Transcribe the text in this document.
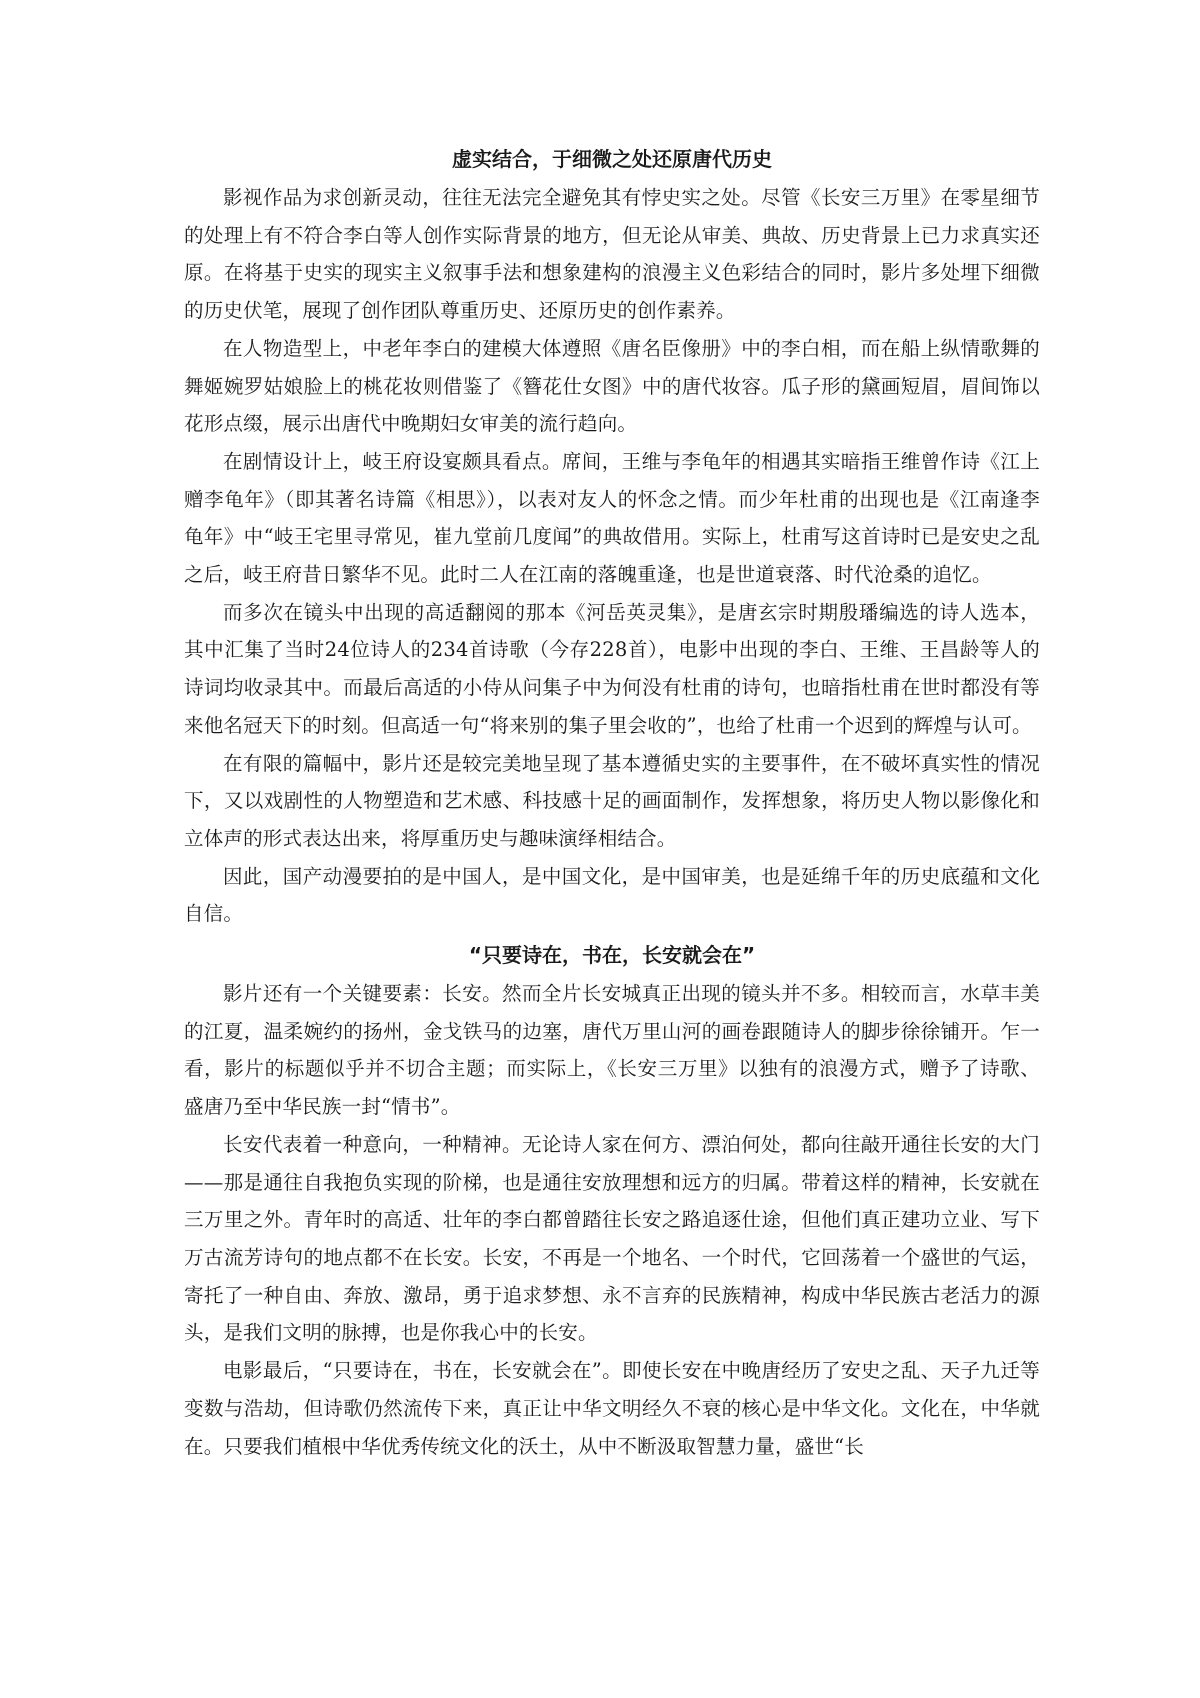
虚实结合，于细微之处还原唐代历史

影视作品为求创新灵动，往往无法完全避免其有悖史实之处。尽管《长安三万里》在零星细节的处理上有不符合李白等人创作实际背景的地方，但无论从审美、典故、历史背景上已力求真实还原。在将基于史实的现实主义叙事手法和想象建构的浪漫主义色彩结合的同时，影片多处埋下细微的历史伏笔，展现了创作团队尊重历史、还原历史的创作素养。

在人物造型上，中老年李白的建模大体遵照《唐名臣像册》中的李白相，而在船上纵情歌舞的舞姬婉罗姑娘脸上的桃花妆则借鉴了《簪花仕女图》中的唐代妆容。瓜子形的黛画短眉，眉间饰以花形点缀，展示出唐代中晚期妇女审美的流行趋向。

在剧情设计上，岐王府设宴颇具看点。席间，王维与李龟年的相遇其实暗指王维曾作诗《江上赠李龟年》（即其著名诗篇《相思》），以表对友人的怀念之情。而少年杜甫的出现也是《江南逢李龟年》中“岐王宅里寻常见，崔九堂前几度闻”的典故借用。实际上，杜甫写这首诗时已是安史之乱之后，岐王府昔日繁华不见。此时二人在江南的落魄重逢，也是世道衰落、时代沧桑的追忆。

而多次在镜头中出现的高适翻阅的那本《河岳英灵集》，是唐玄宗时期殷璠编选的诗人选本，其中汇集了当时24位诗人的234首诗歌（今存228首），电影中出现的李白、王维、王昌龄等人的诗词均收录其中。而最后高适的小侍从问集子中为何没有杜甫的诗句，也暗指杜甫在世时都没有等来他名冠天下的时刻。但高适一句“将来别的集子里会收的”，也给了杜甫一个迟到的辉煌与认可。

在有限的篇幅中，影片还是较完美地呈现了基本遵循史实的主要事件，在不破坏真实性的情况下，又以戏剧性的人物塑造和艺术感、科技感十足的画面制作，发挥想象，将历史人物以影像化和立体声的形式表达出来，将厚重历史与趣味演绎相结合。

因此，国产动漫要拍的是中国人，是中国文化，是中国审美，也是延绵千年的历史底蕴和文化自信。

“只要诗在，书在，长安就会在”

影片还有一个关键要素：长安。然而全片长安城真正出现的镜头并不多。相较而言，水草丰美的江夏，温柔婉约的扬州，金戈铁马的边塞，唐代万里山河的画卷跟随诗人的脚步徐徐铺开。乍一看，影片的标题似乎并不切合主题；而实际上，《长安三万里》以独有的浪漫方式，赠予了诗歌、盛唐乃至中华民族一封“情书”。

长安代表着一种意向，一种精神。无论诗人家在何方、漂泊何处，都向往敲开通往长安的大门——那是通往自我抱负实现的阶梯，也是通往安放理想和远方的归属。带着这样的精神，长安就在三万里之外。青年时的高适、壮年的李白都曾踏往长安之路追逐仕途，但他们真正建功立业、写下万古流芳诗句的地点都不在长安。长安，不再是一个地名、一个时代，它回荡着一个盛世的气运，寄托了一种自由、奔放、激昂，勇于追求梦想、永不言弃的民族精神，构成中华民族古老活力的源头，是我们文明的脉搏，也是你我心中的长安。

电影最后，“只要诗在，书在，长安就会在”。即使长安在中晚唐经历了安史之乱、天子九迁等变数与浩劫，但诗歌仍然流传下来，真正让中华文明经久不衰的核心是中华文化。文化在，中华就在。只要我们植根中华优秀传统文化的沃土，从中不断汲取智慧力量，盛世“长
